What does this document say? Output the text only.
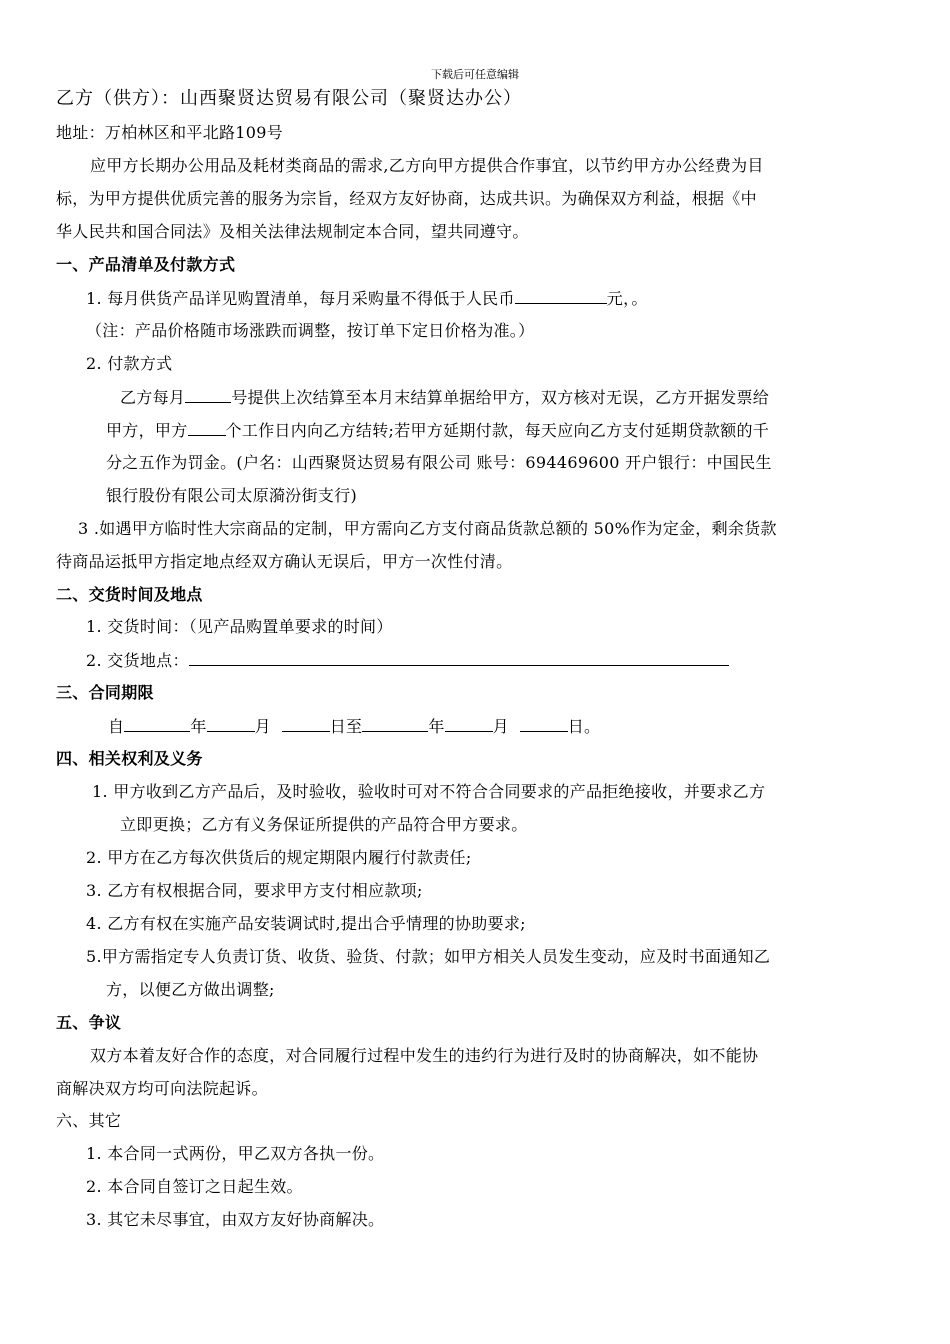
下载后可任意编辑
乙方（供方）：山西聚贤达贸易有限公司（聚贤达办公）
地址：万柏林区和平北路109号
应甲方长期办公用品及耗材类商品的需求,乙方向甲方提供合作事宜，以节约甲方办公经费为目
标，为甲方提供优质完善的服务为宗旨，经双方友好协商，达成共识。为确保双方利益，根据《中
华人民共和国合同法》及相关法律法规制定本合同，望共同遵守。
一、产品清单及付款方式
1. 每月供货产品详见购置清单，每月采购量不得低于人民币	元，。
（注：产品价格随市场涨跌而调整，按订单下定日价格为准。）
2. 付款方式
乙方每月	号提供上次结算至本月末结算单据给甲方，双方核对无误，乙方开据发票给
甲方，甲方 个工作日内向乙方结转;若甲方延期付款，每天应向乙方支付延期贷款额的千
分之五作为罚金。(户名：山西聚贤达贸易有限公司 账号：694469600 开户银行：中国民生
银行股份有限公司太原漪汾街支行)
3 .如遇甲方临时性大宗商品的定制，甲方需向乙方支付商品货款总额的 50%作为定金，剩余货款
待商品运抵甲方指定地点经双方确认无误后，甲方一次性付清。
二、交货时间及地点
1. 交货时间：（见产品购置单要求的时间）
2. 交货地点：
三、合同期限
自	年	月	日至	年	月	日。
四、相关权利及义务
1. 甲方收到乙方产品后，及时验收，验收时可对不符合合同要求的产品拒绝接收，并要求乙方
立即更换；乙方有义务保证所提供的产品符合甲方要求。
2. 甲方在乙方每次供货后的规定期限内履行付款责任;
3. 乙方有权根据合同，要求甲方支付相应款项;
4. 乙方有权在实施产品安装调试时,提出合乎情理的协助要求;
5.甲方需指定专人负责订货、收货、验货、付款；如甲方相关人员发生变动，应及时书面通知乙
方，以便乙方做出调整;
五、争议
双方本着友好合作的态度，对合同履行过程中发生的违约行为进行及时的协商解决，如不能协
商解决双方均可向法院起诉。
六、其它
1. 本合同一式两份，甲乙双方各执一份。
2. 本合同自签订之日起生效。
3. 其它未尽事宜，由双方友好协商解决。
